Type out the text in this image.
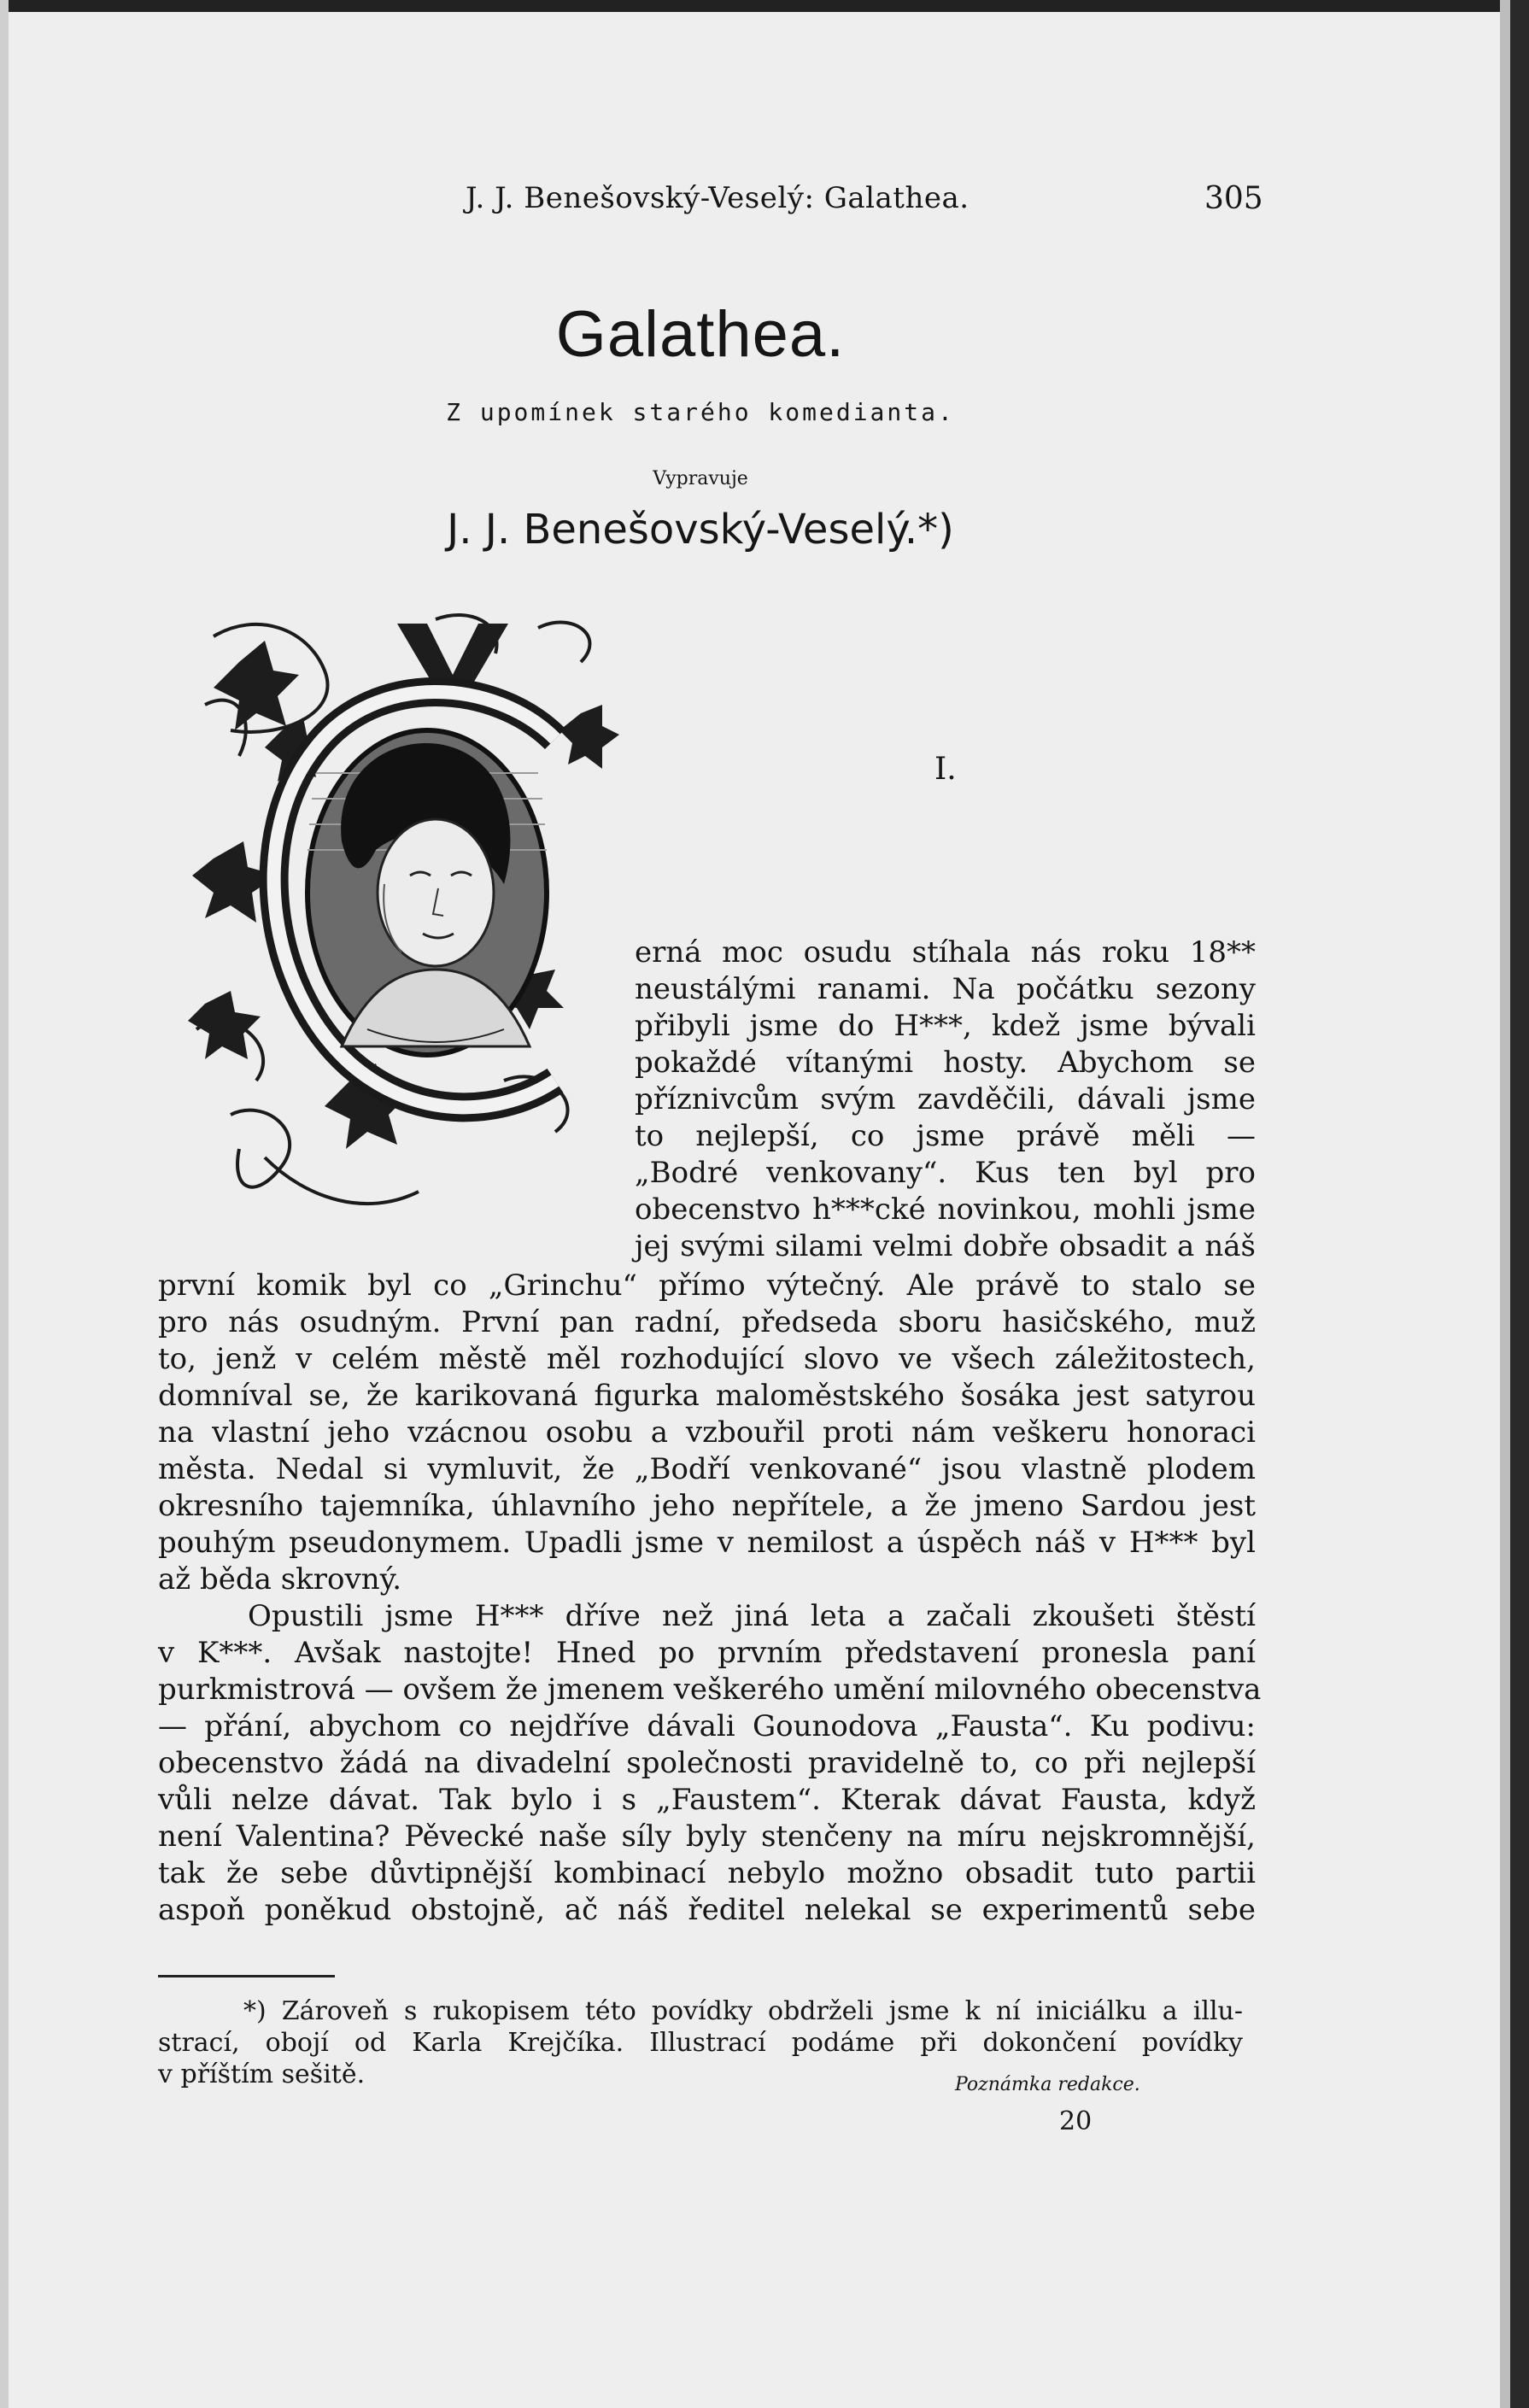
J. J. Benešovský-Veselý: Galathea.	305
Galathea.
Z upomínek starého komedianta.
Vypravuje
J. J. Benešovský-Veselý.*)
I.
erná moc osudu stíhala nás roku 18**
neustálými ranami. Na počátku sezony
přibyli jsme do H***, kdež jsme bývali
pokaždé vítanými hosty. Abychom se
příznivcům svým zavděčili, dávali jsme
to nejlepší, co jsme právě měli —
„Bodré venkovany“. Kus ten byl pro
obecenstvo h***cké novinkou, mohli jsme
jej svými silami velmi dobře obsadit a náš
první komik byl co „Grinchu“ přímo výtečný. Ale právě to stalo se
pro nás osudným. První pan radní, předseda sboru hasičského, muž
to, jenž v celém městě měl rozhodující slovo ve všech záležitostech,
domníval se, že karikovaná figurka maloměstského šosáka jest satyrou
na vlastní jeho vzácnou osobu a vzbouřil proti nám veškeru honoraci
města. Nedal si vymluvit, že „Bodří venkované“ jsou vlastně plodem
okresního tajemníka, úhlavního jeho nepřítele, a že jmeno Sardou jest
pouhým pseudonymem. Upadli jsme v nemilost a úspěch náš v H*** byl
až běda skrovný.
Opustili jsme H*** dříve než jiná leta a začali zkoušeti štěstí
v K***. Avšak nastojte! Hned po prvním představení pronesla paní
purkmistrová — ovšem že jmenem veškerého umění milovného obecenstva
— přání, abychom co nejdříve dávali Gounodova „Fausta“. Ku podivu:
obecenstvo žádá na divadelní společnosti pravidelně to, co při nejlepší
vůli nelze dávat. Tak bylo i s „Faustem“. Kterak dávat Fausta, když
není Valentina? Pěvecké naše síly byly stenčeny na míru nejskromnější,
tak že sebe důvtipnější kombinací nebylo možno obsadit tuto partii
aspoň poněkud obstojně, ač náš ředitel nelekal se experimentů sebe
*) Zároveň s rukopisem této povídky obdrželi jsme k ní iniciálku a illu-
strací, obojí od Karla Krejčíka. Illustrací podáme při dokončení povídky
v příštím sešitě.	Poznámka redakce.
20
